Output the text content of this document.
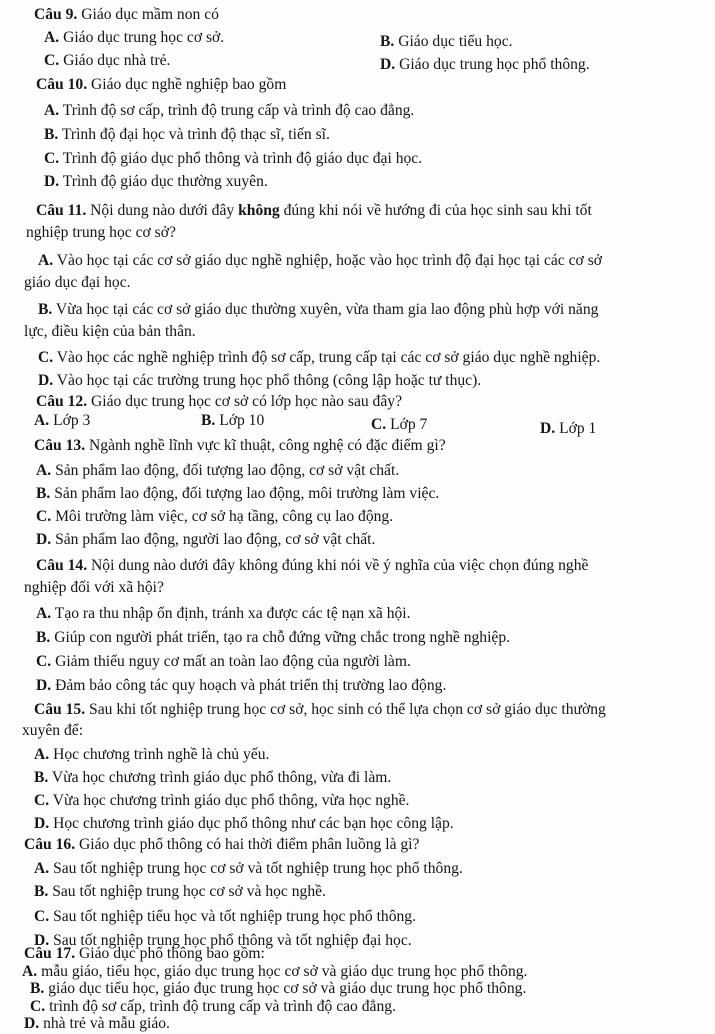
Câu 9. Giáo dục mầm non có
A. Giáo dục trung học cơ sở.	B. Giáo dục tiểu học.
C. Giáo dục nhà trẻ.	D. Giáo dục trung học phổ thông.
Câu 10. Giáo dục nghề nghiệp bao gồm
A. Trình độ sơ cấp, trình độ trung cấp và trình độ cao đẳng.
B. Trình độ đại học và trình độ thạc sĩ, tiến sĩ.
C. Trình độ giáo dục phổ thông và trình độ giáo dục đại học.
D. Trình độ giáo dục thường xuyên.
Câu 11. Nội dung nào dưới đây không đúng khi nói về hướng đi của học sinh sau khi tốt
nghiệp trung học cơ sở?
A. Vào học tại các cơ sở giáo dục nghề nghiệp, hoặc vào học trình độ đại học tại các cơ sở
giáo dục đại học.
B. Vừa học tại các cơ sở giáo dục thường xuyên, vừa tham gia lao động phù hợp với năng
lực, điều kiện của bản thân.
C. Vào học các nghề nghiệp trình độ sơ cấp, trung cấp tại các cơ sở giáo dục nghề nghiệp.
D. Vào học tại các trường trung học phổ thông (công lập hoặc tư thục).
Câu 12. Giáo dục trung học cơ sở có lớp học nào sau đây?
A. Lớp 3	B. Lớp 10	C. Lớp 7	D. Lớp 1
Câu 13. Ngành nghề lĩnh vực kĩ thuật, công nghệ có đặc điểm gì?
A. Sản phẩm lao động, đối tượng lao động, cơ sở vật chất.
B. Sản phẩm lao động, đối tượng lao động, môi trường làm việc.
C. Môi trường làm việc, cơ sở hạ tầng, công cụ lao động.
D. Sản phẩm lao động, người lao động, cơ sở vật chất.
Câu 14. Nội dung nào dưới đây không đúng khi nói về ý nghĩa của việc chọn đúng nghề
nghiệp đối với xã hội?
A. Tạo ra thu nhập ổn định, tránh xa được các tệ nạn xã hội.
B. Giúp con người phát triển, tạo ra chỗ đứng vững chắc trong nghề nghiệp.
C. Giảm thiểu nguy cơ mất an toàn lao động của người làm.
D. Đảm bảo công tác quy hoạch và phát triển thị trường lao động.
Câu 15. Sau khi tốt nghiệp trung học cơ sở, học sinh có thể lựa chọn cơ sở giáo dục thường
xuyên để:
A. Học chương trình nghề là chủ yếu.
B. Vừa học chương trình giáo dục phổ thông, vừa đi làm.
C. Vừa học chương trình giáo dục phổ thông, vừa học nghề.
D. Học chương trình giáo dục phổ thông như các bạn học công lập.
Câu 16. Giáo dục phổ thông có hai thời điểm phân luồng là gì?
A. Sau tốt nghiệp trung học cơ sở và tốt nghiệp trung học phổ thông.
B. Sau tốt nghiệp trung học cơ sở và học nghề.
C. Sau tốt nghiệp tiểu học và tốt nghiệp trung học phổ thông.
D. Sau tốt nghiệp trung học phổ thông và tốt nghiệp đại học.
Câu 17. Giáo dục phổ thông bao gồm:
A. mẫu giáo, tiểu học, giáo dục trung học cơ sở và giáo dục trung học phổ thông.
B. giáo dục tiểu học, giáo đục trung học cơ sở và giáo dục trung học phổ thông.
C. trình độ sơ cấp, trình độ trung cấp và trình độ cao đẳng.
D. nhà trẻ và mẫu giáo.
